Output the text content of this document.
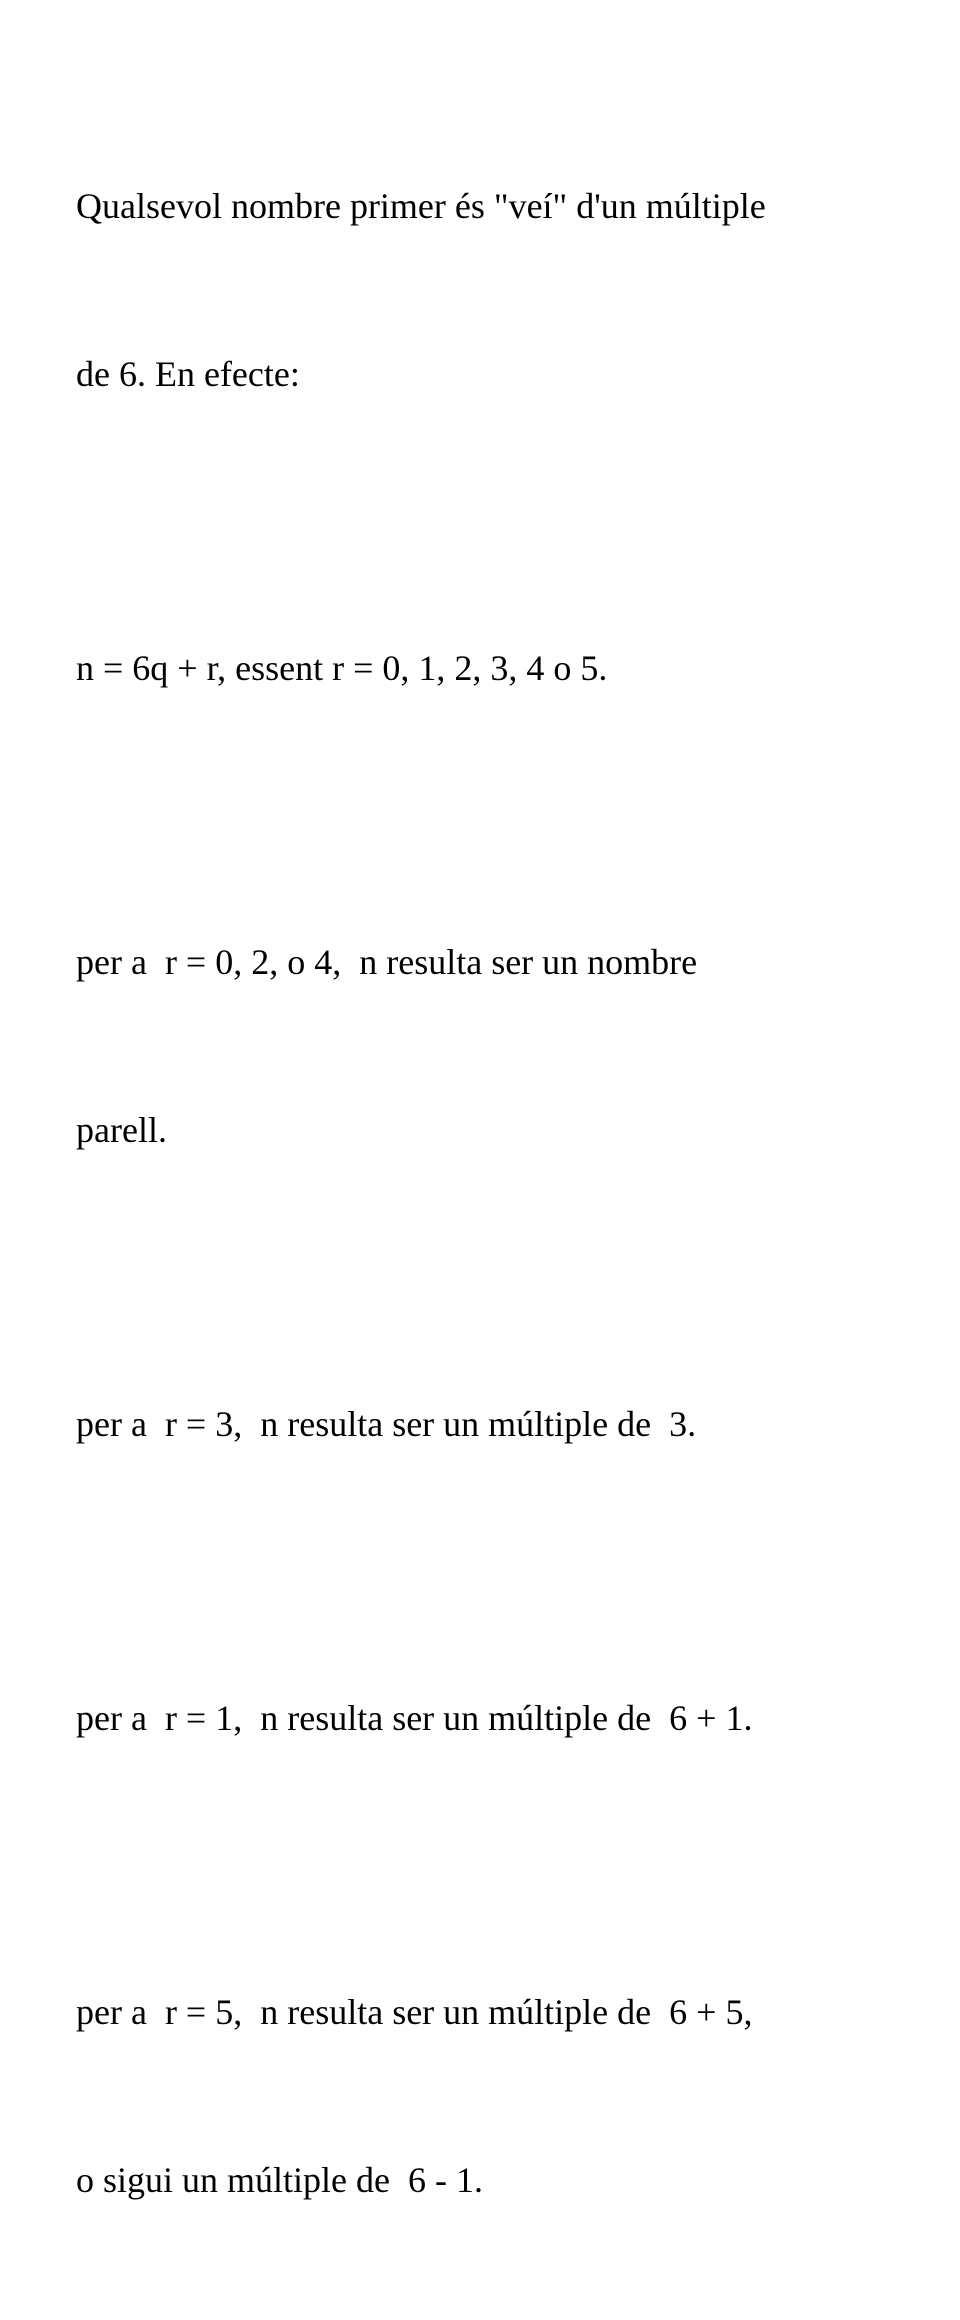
Qualsevol nombre primer és "veí" d'un múltiple

de 6. En efecte:

n = 6q + r, essent r = 0, 1, 2, 3, 4 o 5.

per a  r = 0, 2, o 4,  n resulta ser un nombre

parell.

per a  r = 3,  n resulta ser un múltiple de  3.

per a  r = 1,  n resulta ser un múltiple de  6 + 1.

per a  r = 5,  n resulta ser un múltiple de  6 + 5,

o sigui un múltiple de  6 - 1.
